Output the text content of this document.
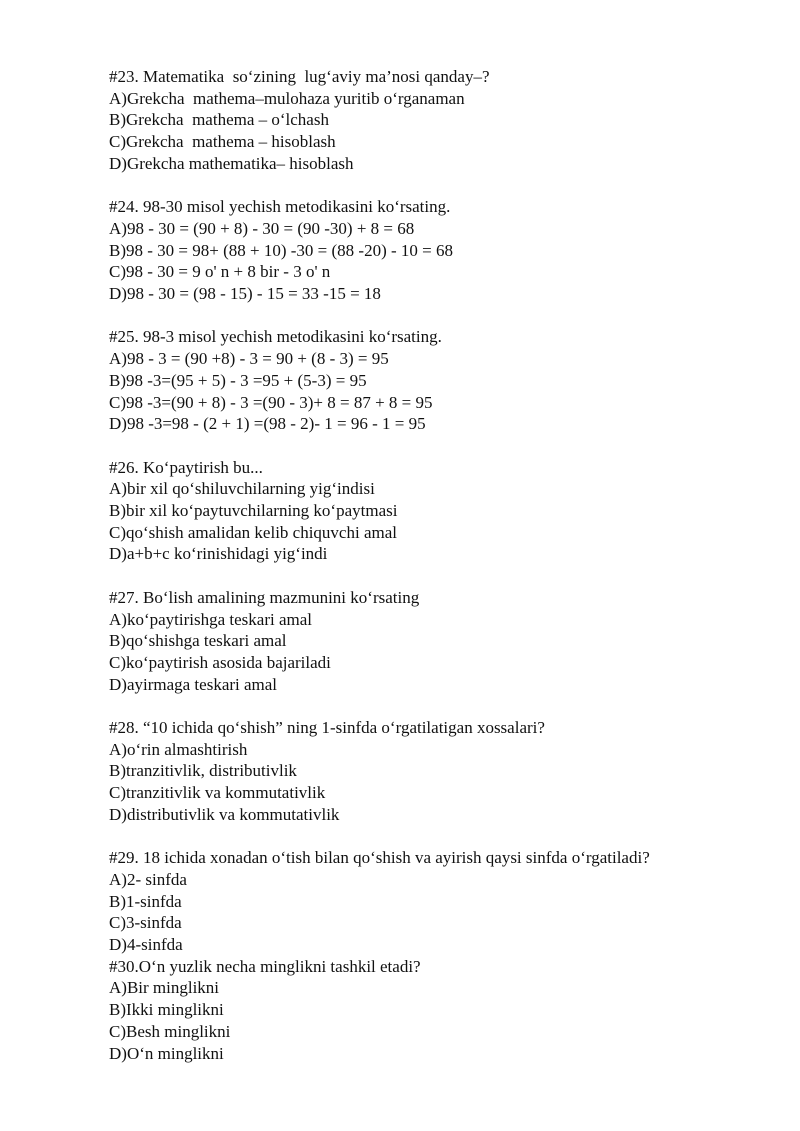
#23. Matematika  so‘zining  lug‘aviy ma’nosi qanday–?
A)Grekcha  mathema–mulohaza yuritib o‘rganaman
B)Grekcha  mathema – o‘lchash
C)Grekcha  mathema – hisoblash
D)Grekcha mathematika– hisoblash
#24. 98-30 misol yechish metodikasini ko‘rsating.
A)98 - 30 = (90 + 8) - 30 = (90 -30) + 8 = 68
B)98 - 30 = 98+ (88 + 10) -30 = (88 -20) - 10 = 68
C)98 - 30 = 9 o' n + 8 bir - 3 o' n
D)98 - 30 = (98 - 15) - 15 = 33 -15 = 18
#25. 98-3 misol yechish metodikasini ko‘rsating.
A)98 - 3 = (90 +8) - 3 = 90 + (8 - 3) = 95
B)98 -3=(95 + 5) - 3 =95 + (5-3) = 95
C)98 -3=(90 + 8) - 3 =(90 - 3)+ 8 = 87 + 8 = 95
D)98 -3=98 - (2 + 1) =(98 - 2)- 1 = 96 - 1 = 95
#26. Ko‘paytirish bu...
A)bir xil qo‘shiluvchilarning yig‘indisi
B)bir xil ko‘paytuvchilarning ko‘paytmasi
C)qo‘shish amalidan kelib chiquvchi amal
D)a+b+c ko‘rinishidagi yig‘indi
#27. Bo‘lish amalining mazmunini ko‘rsating
A)ko‘paytirishga teskari amal
B)qo‘shishga teskari amal
C)ko‘paytirish asosida bajariladi
D)ayirmaga teskari amal
#28. “10 ichida qo‘shish” ning 1-sinfda o‘rgatilatigan xossalari?
A)o‘rin almashtirish
B)tranzitivlik, distributivlik
C)tranzitivlik va kommutativlik
D)distributivlik va kommutativlik
#29. 18 ichida xonadan o‘tish bilan qo‘shish va ayirish qaysi sinfda o‘rgatiladi?
A)2- sinfda
B)1-sinfda
C)3-sinfda
D)4-sinfda
#30.O‘n yuzlik necha minglikni tashkil etadi?
A)Bir minglikni
B)Ikki minglikni
C)Besh minglikni
D)O‘n minglikni
